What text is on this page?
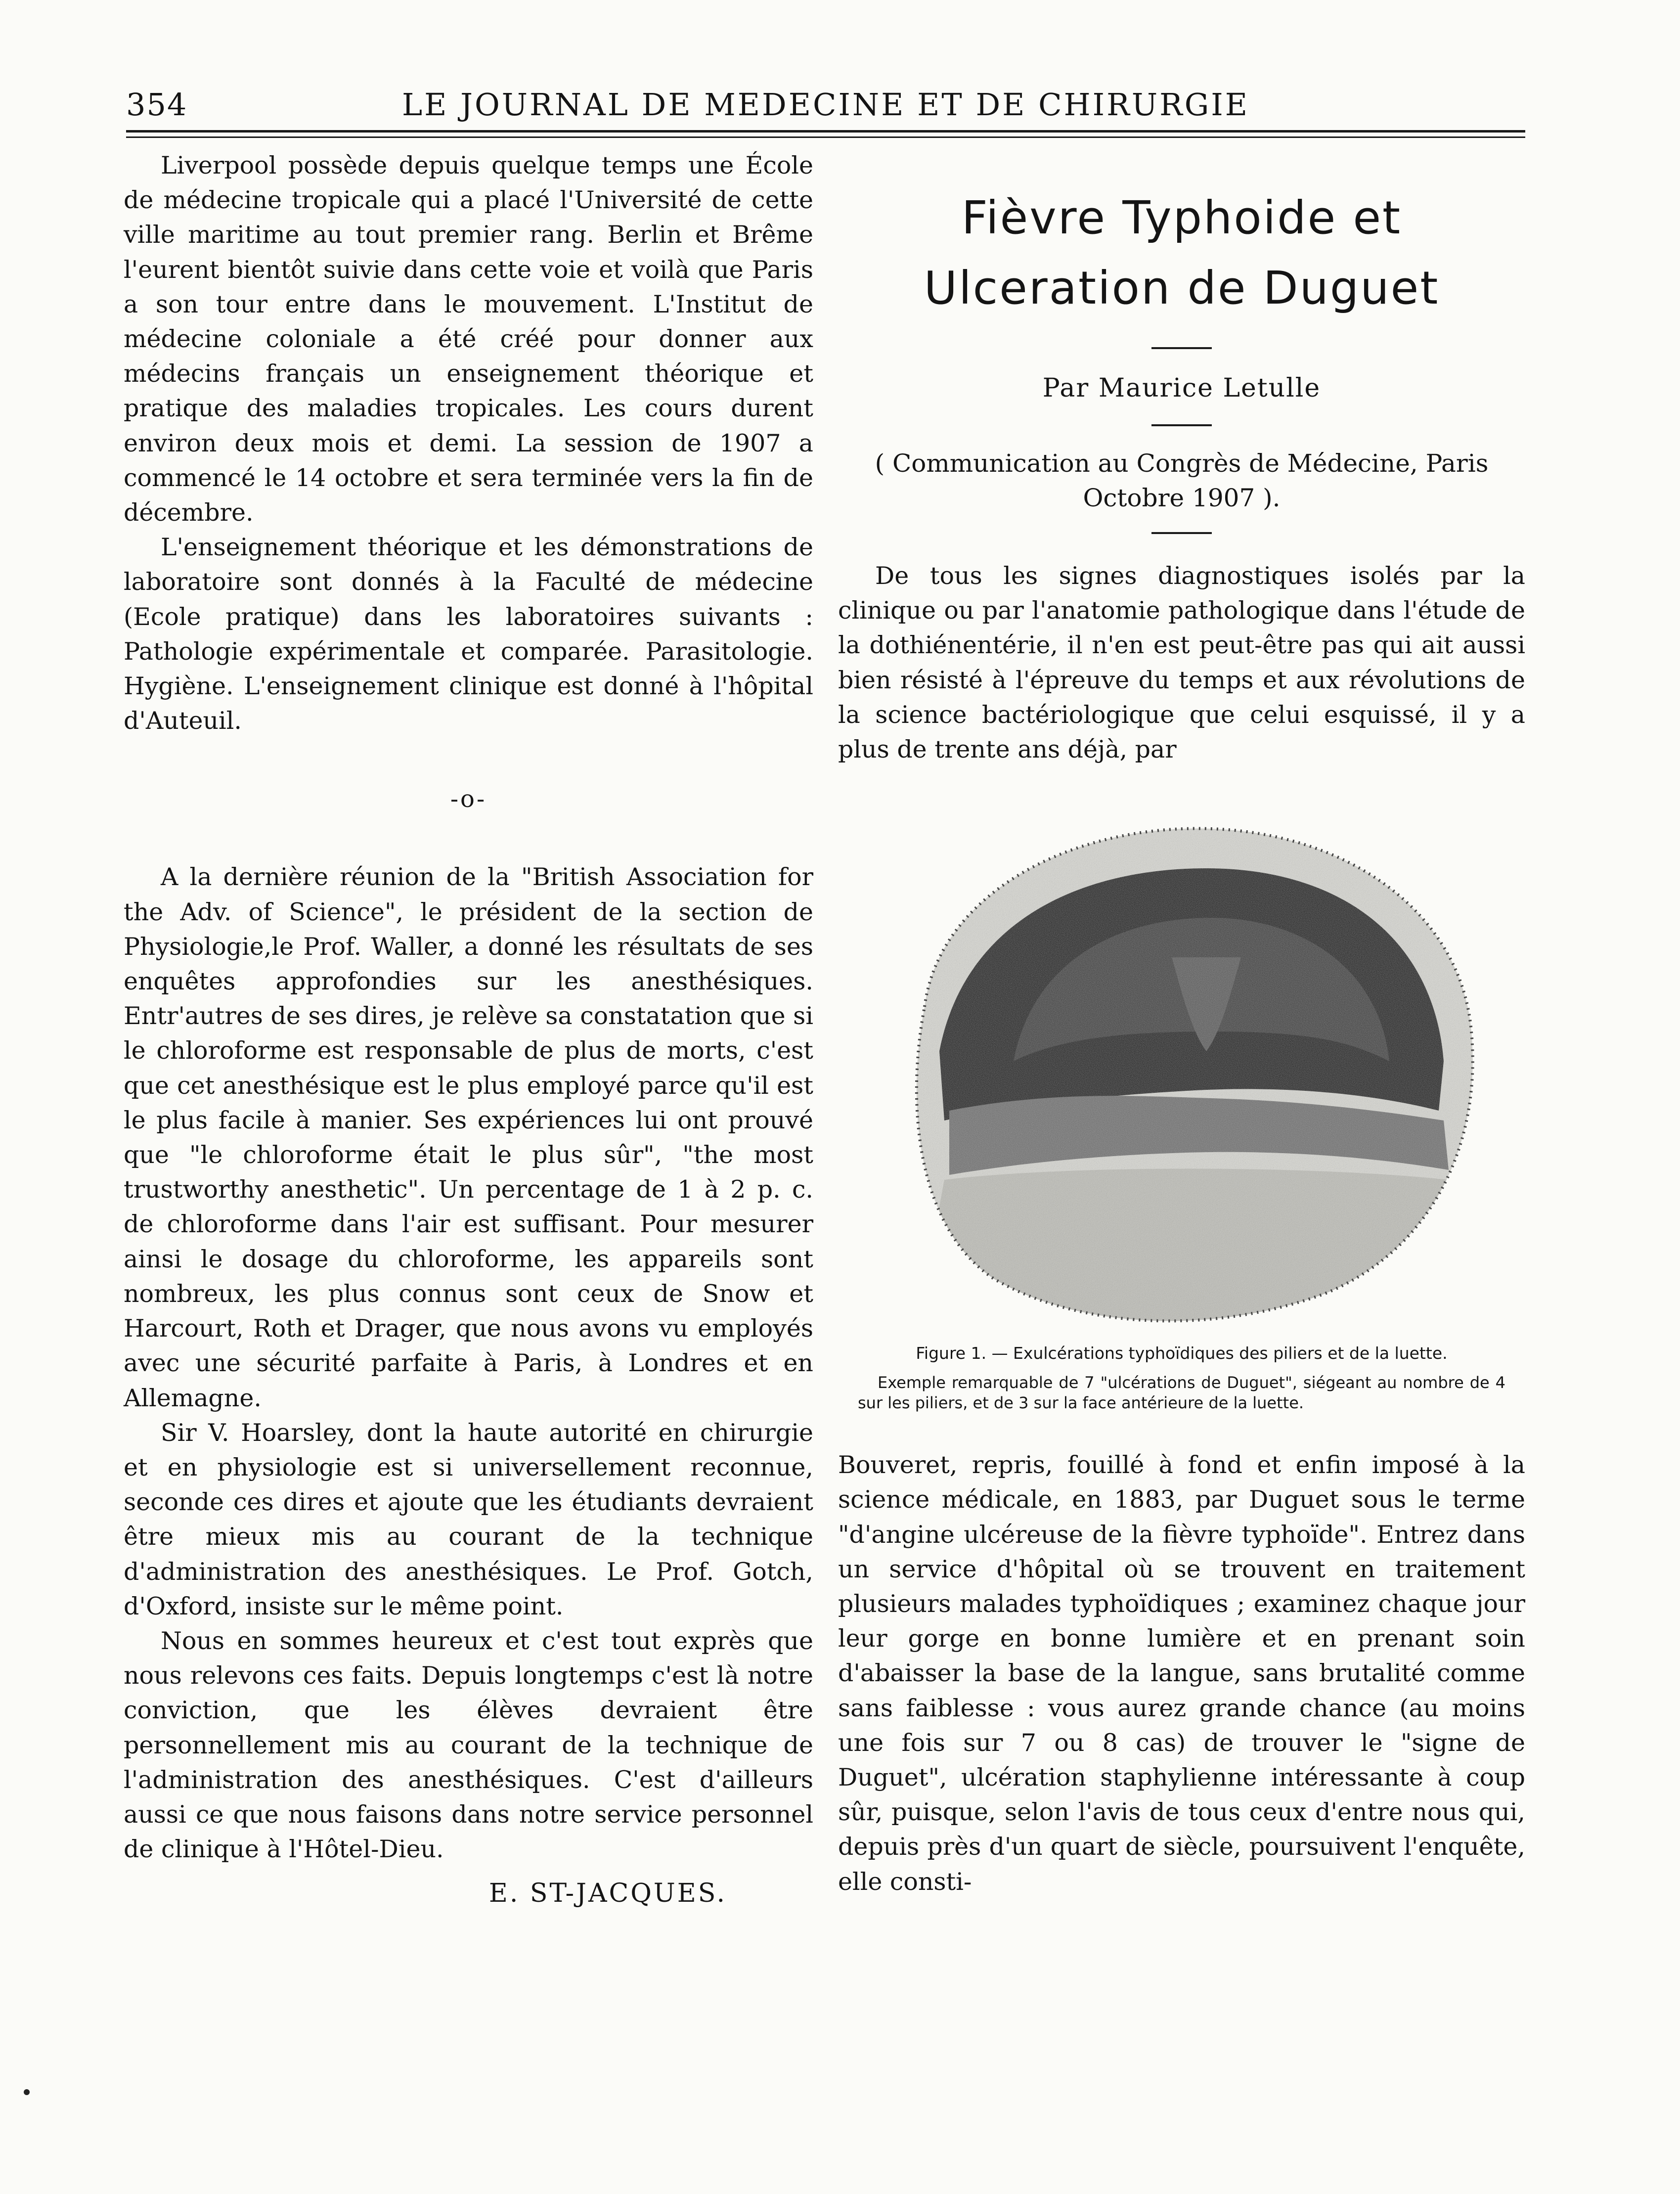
354	LE JOURNAL DE MEDECINE ET DE CHIRURGIE

Liverpool possède depuis quelque temps une École de médecine tropicale qui a placé l'Université de cette ville maritime au tout premier rang. Berlin et Brême l'eurent bientôt suivie dans cette voie et voilà que Paris a son tour entre dans le mouvement. L'Institut de médecine coloniale a été créé pour donner aux médecins français un enseignement théorique et pratique des maladies tropicales. Les cours durent environ deux mois et demi. La session de 1907 a commencé le 14 octobre et sera terminée vers la fin de décembre.

L'enseignement théorique et les démonstrations de laboratoire sont donnés à la Faculté de médecine (Ecole pratique) dans les laboratoires suivants : Pathologie expérimentale et comparée. Parasitologie. Hygiène. L'enseignement clinique est donné à l'hôpital d'Auteuil.

-o-

A la dernière réunion de la "British Association for the Adv. of Science", le président de la section de Physiologie,le Prof. Waller, a donné les résultats de ses enquêtes approfondies sur les anesthésiques. Entr'autres de ses dires, je relève sa constatation que si le chloroforme est responsable de plus de morts, c'est que cet anesthésique est le plus employé parce qu'il est le plus facile à manier. Ses expériences lui ont prouvé que "le chloroforme était le plus sûr", "the most trustworthy anesthetic". Un percentage de 1 à 2 p. c. de chloroforme dans l'air est suffisant. Pour mesurer ainsi le dosage du chloroforme, les appareils sont nombreux, les plus connus sont ceux de Snow et Harcourt, Roth et Drager, que nous avons vu employés avec une sécurité parfaite à Paris, à Londres et en Allemagne.

Sir V. Hoarsley, dont la haute autorité en chirurgie et en physiologie est si universellement reconnue, seconde ces dires et ajoute que les étudiants devraient être mieux mis au courant de la technique d'administration des anesthésiques. Le Prof. Gotch, d'Oxford, insiste sur le même point.

Nous en sommes heureux et c'est tout exprès que nous relevons ces faits. Depuis longtemps c'est là notre conviction, que les élèves devraient être personnellement mis au courant de la technique de l'administration des anesthésiques. C'est d'ailleurs aussi ce que nous faisons dans notre service personnel de clinique à l'Hôtel-Dieu.

E. ST-JACQUES.
Fièvre Typhoide et Ulceration de Duguet
Par Maurice Letulle
( Communication au Congrès de Médecine, Paris Octobre 1907 ).

De tous les signes diagnostiques isolés par la clinique ou par l'anatomie pathologique dans l'étude de la dothiénentérie, il n'en est peut-être pas qui ait aussi bien résisté à l'épreuve du temps et aux révolutions de la science bactériologique que celui esquissé, il y a plus de trente ans déjà, par

Figure 1. — Exulcérations typhoïdiques des piliers et de la luette.
Exemple remarquable de 7 "ulcérations de Duguet", siégeant au nombre de 4 sur les piliers, et de 3 sur la face antérieure de la luette.

Bouveret, repris, fouillé à fond et enfin imposé à la science médicale, en 1883, par Duguet sous le terme "d'angine ulcéreuse de la fièvre typhoïde". Entrez dans un service d'hôpital où se trouvent en traitement plusieurs malades typhoïdiques ; examinez chaque jour leur gorge en bonne lumière et en prenant soin d'abaisser la base de la langue, sans brutalité comme sans faiblesse : vous aurez grande chance (au moins une fois sur 7 ou 8 cas) de trouver le "signe de Duguet", ulcération staphylienne intéressante à coup sûr, puisque, selon l'avis de tous ceux d'entre nous qui, depuis près d'un quart de siècle, poursuivent l'enquête, elle consti-
